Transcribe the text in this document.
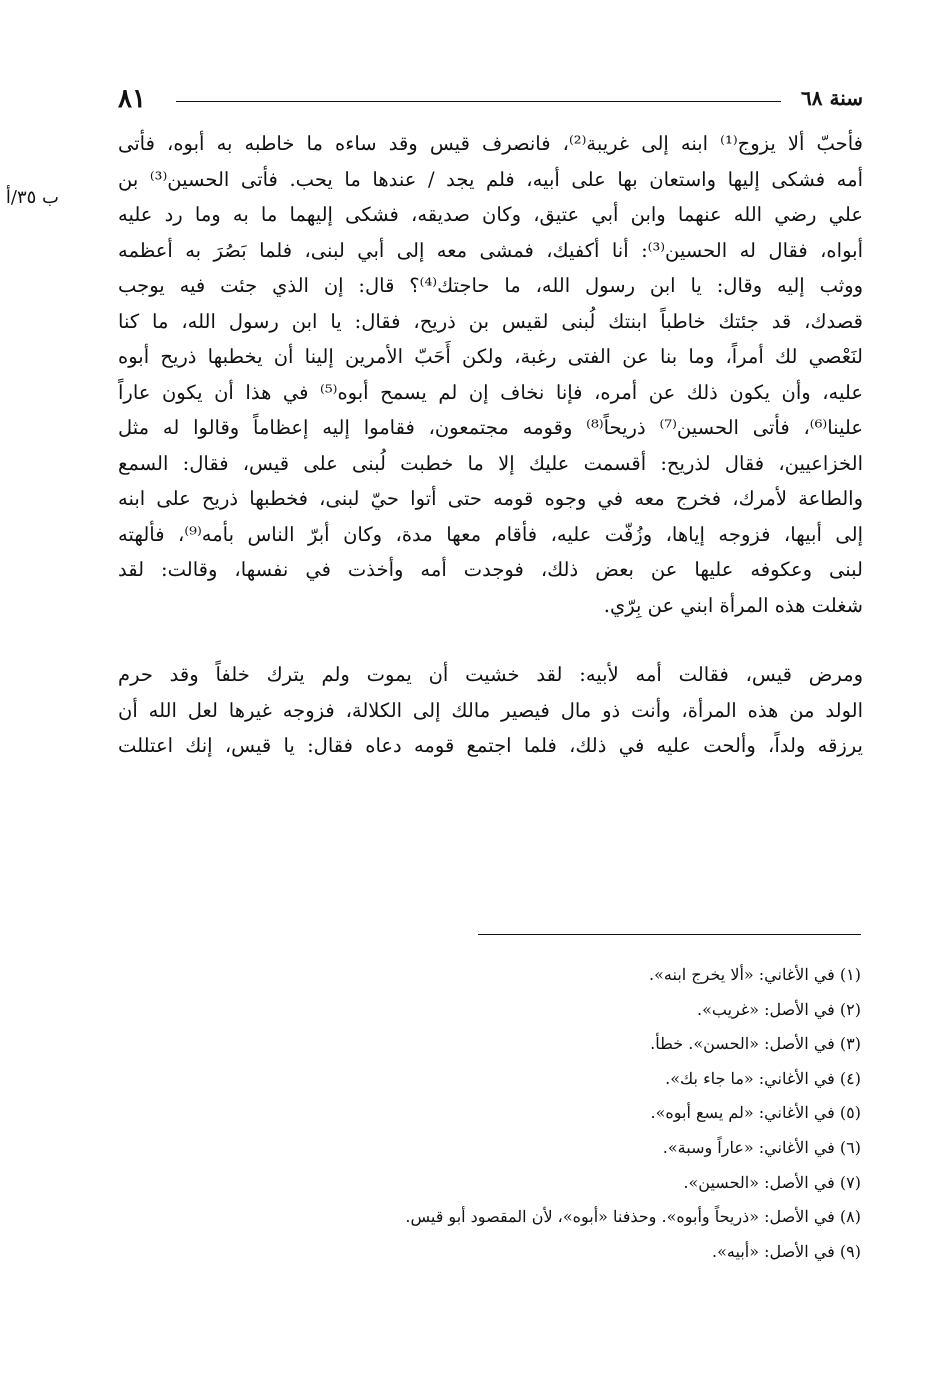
سنة ٦٨
٨١
ب ٣٥/أ
فأحبّ ألا يزوج⁽¹⁾ ابنه إلى غريبة⁽²⁾، فانصرف قيس وقد ساءه ما خاطبه به أبوه، فأتى
أمه فشكى إليها واستعان بها على أبيه، فلم يجد / عندها ما يحب. فأتى الحسين⁽³⁾ بن
علي رضي الله عنهما وابن أبي عتيق، وكان صديقه، فشكى إليهما ما به وما رد عليه
أبواه، فقال له الحسين⁽³⁾: أنا أكفيك، فمشى معه إلى أبي لبنى، فلما بَصُرَ به أعظمه
ووثب إليه وقال: يا ابن رسول الله، ما حاجتك⁽⁴⁾؟ قال: إن الذي جئت فيه يوجب
قصدك، قد جئتك خاطباً ابنتك لُبنى لقيس بن ذريح، فقال: يا ابن رسول الله، ما كنا
لنَعْصي لك أمراً، وما بنا عن الفتى رغبة، ولكن أَحَبّ الأمرين إلينا أن يخطبها ذريح أبوه
عليه، وأن يكون ذلك عن أمره، فإنا نخاف إن لم يسمح أبوه⁽⁵⁾ في هذا أن يكون عاراً
علينا⁽⁶⁾، فأتى الحسين⁽⁷⁾ ذريحاً⁽⁸⁾ وقومه مجتمعون، فقاموا إليه إعظاماً وقالوا له مثل
الخزاعيين، فقال لذريح: أقسمت عليك إلا ما خطبت لُبنى على قيس، فقال: السمع
والطاعة لأمرك، فخرج معه في وجوه قومه حتى أتوا حيّ لبنى، فخطبها ذريح على ابنه
إلى أبيها، فزوجه إياها، وزُفّت عليه، فأقام معها مدة، وكان أبرّ الناس بأمه⁽⁹⁾، فألهته
لبنى وعكوفه عليها عن بعض ذلك، فوجدت أمه وأخذت في نفسها، وقالت: لقد
شغلت هذه المرأة ابني عن بِرّي.
ومرض قيس، فقالت أمه لأبيه: لقد خشيت أن يموت ولم يترك خلفاً وقد حرم
الولد من هذه المرأة، وأنت ذو مال فيصير مالك إلى الكلالة، فزوجه غيرها لعل الله أن
يرزقه ولداً، وألحت عليه في ذلك، فلما اجتمع قومه دعاه فقال: يا قيس، إنك اعتللت
(١) في الأغاني: «ألا يخرج ابنه».
(٢) في الأصل: «غريب».
(٣) في الأصل: «الحسن». خطأ.
(٤) في الأغاني: «ما جاء بك».
(٥) في الأغاني: «لم يسع أبوه».
(٦) في الأغاني: «عاراً وسبة».
(٧) في الأصل: «الحسين».
(٨) في الأصل: «ذريحاً وأبوه». وحذفنا «أبوه»، لأن المقصود أبو قيس.
(٩) في الأصل: «أبيه».
